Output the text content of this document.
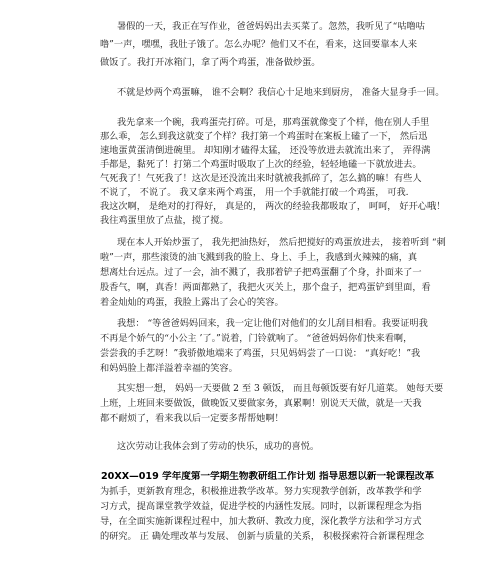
暑假的一天，我正在写作业，爸爸妈妈出去买菜了。忽然，我听见了“咕噜咕
噜”一声，嘿嘿，我肚子饿了。怎么办呢？他们又不在，看来，这回要靠本人来
做饭了。我打开冰箱门，拿了两个鸡蛋，准备做炒蛋。
不就是炒两个鸡蛋嘛， 谁不会啊？我信心十足地来到厨房， 准备大显身手一回。
我先拿来一个碗，我鸡蛋壳打碎。可是，那鸡蛋就像变了个样，他在别人手里
那么乖， 怎么到我这就变了个样？我打第一个鸡蛋时在案板上磕了一下， 然后迅
速地蛋黄蛋清倒进碗里。 却知刚才磕得太猛， 还没等放进去就流出来了， 弄得满
手都是，黏死了！打第二个鸡蛋时吸取了上次的经验，轻轻地磕一下就放进去。
气死我了！气死我了！这次是还没流出来时就被我抓碎了，怎么搞的嘛！有些人
不说了， 不说了。 我又拿来两个鸡蛋， 用一个手就能打破一个鸡蛋， 可我.
我这次啊， 是绝对的打得好， 真是的， 两次的经验我都吸取了， 呵呵， 好开心哦！
我往鸡蛋里放了点盐，搅了搅。
现在本人开始炒蛋了， 我先把油热好， 然后把搅好的鸡蛋放进去， 接着听到 “刺
啦”一声，那些滚烫的油飞溅到我的脸上、身上、手上，我感到火辣辣的痛，真
想离灶台远点。过了一会，油不溅了，我那着铲子把鸡蛋翻了个身，扑面来了一
股香气，啊，真香！两面都熟了，我把火灭关上，那个盘子，把鸡蛋铲到里面，看
着金灿灿的鸡蛋，我脸上露出了会心的笑容。
我想： “等爸爸妈妈回来，我一定让他们对他们的女儿刮目相看。我要证明我
不再是个娇气的“小公主 ’了。”说着，门铃就响了。 “爸爸妈妈你们快来看啊，
尝尝我的手艺呀！”我骄傲地端来了鸡蛋，只见妈妈尝了一口说： “真好吃！”我
和妈妈脸上都洋溢着幸福的笑容。
其实想一想， 妈妈一天要做 2 至 3 顿饭， 而且每顿饭要有好几道菜。 她每天要
上班，上班回来要做饭，做晚饭又要做家务，真累啊！别说天天做，就是一天我
都不耐烦了，看来我以后一定要多帮帮她啊！
这次劳动让我体会到了劳动的快乐，成功的喜悦。
20XX—019 学年度第一学期生物教研组工作计划 指导思想以新一轮课程改革
为抓手，更新教育理念，积极推进教学改革。努力实现教学创新，改革教学和学
习方式，提高课堂教学效益，促进学校的内涵性发展。同时，以新课程理念为指
导，在全面实施新课程过程中，加大教研、教改力度，深化教学方法和学习方式
的研究。 正 确处理改革与发展、 创新与质量的关系， 积极探索符合新课程理念
